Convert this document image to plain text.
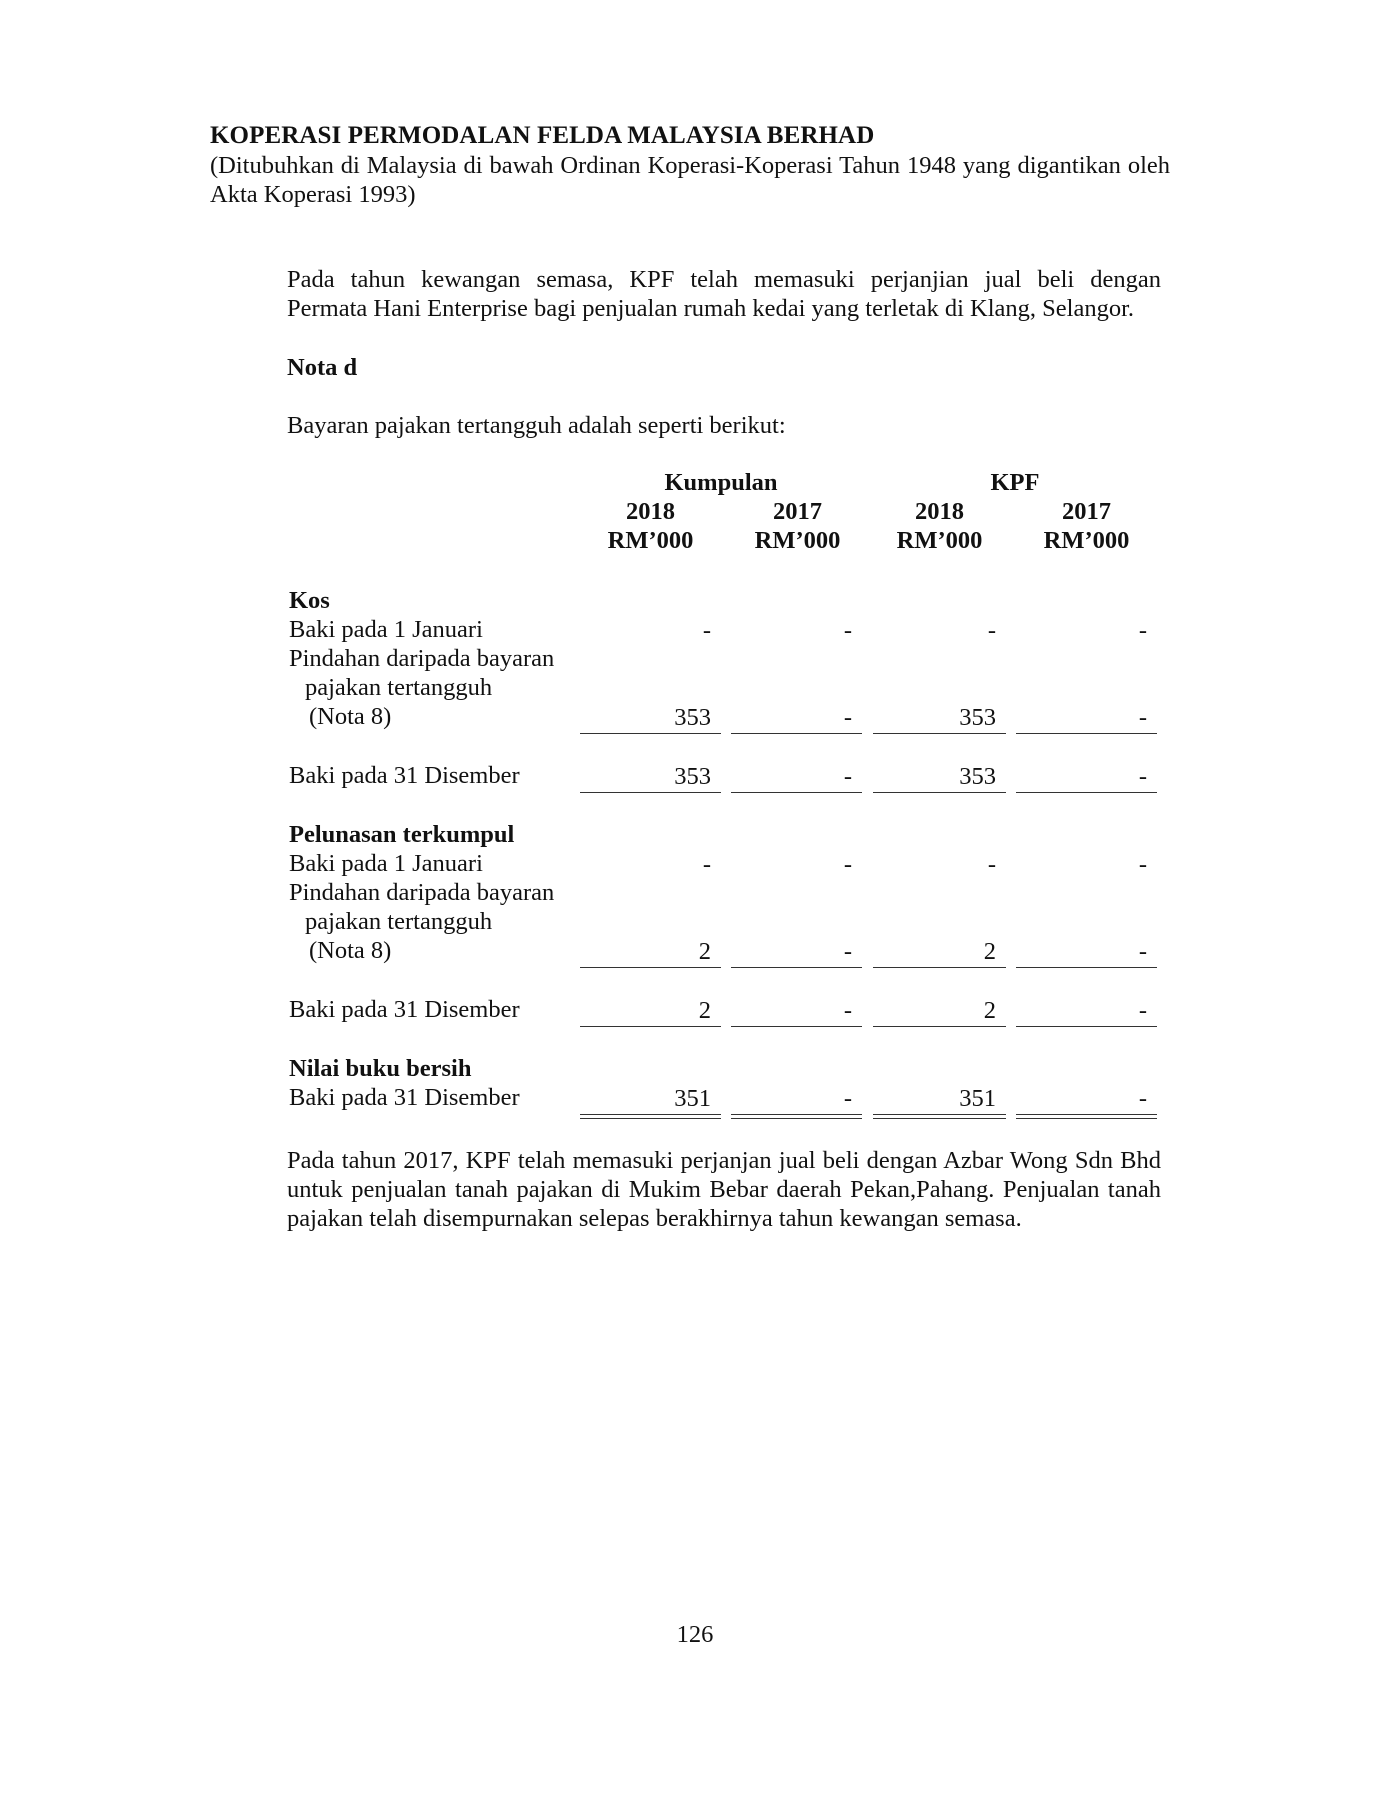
KOPERASI PERMODALAN FELDA MALAYSIA BERHAD
(Ditubuhkan di Malaysia di bawah Ordinan Koperasi-Koperasi Tahun 1948 yang digantikan oleh Akta Koperasi 1993)
Pada tahun kewangan semasa, KPF telah memasuki perjanjian jual beli dengan
Permata Hani Enterprise bagi penjualan rumah kedai yang terletak di Klang, Selangor.
Nota d
Bayaran pajakan tertangguh adalah seperti berikut:
Kumpulan	KPF
2018	2017	2018	2017
RM’000	RM’000	RM’000	RM’000
Kos
Baki pada 1 Januari	-	-	-	-
Pindahan daripada bayaran
pajakan tertangguh
(Nota 8)	353	-	353	-
Baki pada 31 Disember	353	-	353	-
Pelunasan terkumpul
Baki pada 1 Januari	-	-	-	-
Pindahan daripada bayaran
pajakan tertangguh
(Nota 8)	2	-	2	-
Baki pada 31 Disember	2	-	2	-
Nilai buku bersih
Baki pada 31 Disember	351	-	351	-
Pada tahun 2017, KPF telah memasuki perjanjan jual beli dengan Azbar Wong Sdn Bhd untuk penjualan tanah pajakan di Mukim Bebar daerah Pekan,Pahang. Penjualan tanah pajakan telah disempurnakan selepas berakhirnya tahun kewangan semasa.
126
